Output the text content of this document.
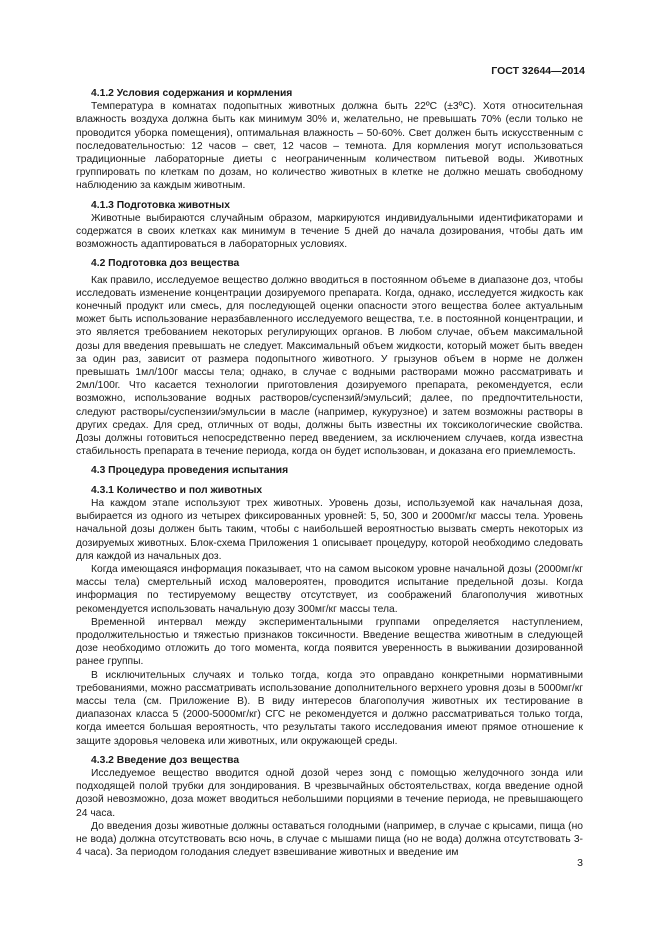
ГОСТ 32644—2014
4.1.2 Условия содержания и кормления

Температура в комнатах подопытных животных должна быть 22ºС (±3ºС). Хотя относительная влажность воздуха должна быть как минимум 30% и, желательно, не превышать 70% (если только не проводится уборка помещения), оптимальная влажность – 50-60%. Свет должен быть искусственным с последовательностью: 12 часов – свет, 12 часов – темнота. Для кормления могут использоваться традиционные лабораторные диеты с неограниченным количеством питьевой воды. Животных группировать по клеткам по дозам, но количество животных в клетке не должно мешать свободному наблюдению за каждым животным.

4.1.3 Подготовка животных

Животные выбираются случайным образом, маркируются индивидуальными идентификаторами и содержатся в своих клетках как минимум в течение 5 дней до начала дозирования, чтобы дать им возможность адаптироваться в лабораторных условиях.

4.2 Подготовка доз вещества

Как правило, исследуемое вещество должно вводиться в постоянном объеме в диапазоне доз, чтобы исследовать изменение концентрации дозируемого препарата. Когда, однако, исследуется жидкость как конечный продукт или смесь, для последующей оценки опасности этого вещества более актуальным может быть использование неразбавленного исследуемого вещества, т.е. в постоянной концентрации, и это является требованием некоторых регулирующих органов. В любом случае, объем максимальной дозы для введения превышать не следует. Максимальный объем жидкости, который может быть введен за один раз, зависит от размера подопытного животного. У грызунов объем в норме не должен превышать 1мл/100г массы тела; однако, в случае с водными растворами можно рассматривать и 2мл/100г. Что касается технологии приготовления дозируемого препарата, рекомендуется, если возможно, использование водных растворов/суспензий/эмульсий; далее, по предпочтительности, следуют растворы/суспензии/эмульсии в масле (например, кукурузное) и затем возможны растворы в других средах. Для сред, отличных от воды, должны быть известны их токсикологические свойства. Дозы должны готовиться непосредственно перед введением, за исключением случаев, когда известна стабильность препарата в течение периода, когда он будет использован, и доказана его приемлемость.

4.3 Процедура проведения испытания
4.3.1 Количество и пол животных

На каждом этапе используют трех животных. Уровень дозы, используемой как начальная доза, выбирается из одного из четырех фиксированных уровней: 5, 50, 300 и 2000мг/кг массы тела. Уровень начальной дозы должен быть таким, чтобы с наибольшей вероятностью вызвать смерть некоторых из дозируемых животных. Блок-схема Приложения 1 описывает процедуру, которой необходимо следовать для каждой из начальных доз.

Когда имеющаяся информация показывает, что на самом высоком уровне начальной дозы (2000мг/кг массы тела) смертельный исход маловероятен, проводится испытание предельной дозы. Когда информация по тестируемому веществу отсутствует, из соображений благополучия животных рекомендуется использовать начальную дозу 300мг/кг массы тела.

Временной интервал между экспериментальными группами определяется наступлением, продолжительностью и тяжестью признаков токсичности. Введение вещества животным в следующей дозе необходимо отложить до того момента, когда появится уверенность в выживании дозированной ранее группы.

В исключительных случаях и только тогда, когда это оправдано конкретными нормативными требованиями, можно рассматривать использование дополнительного верхнего уровня дозы в 5000мг/кг массы тела (см. Приложение В). В виду интересов благополучия животных их тестирование в диапазонах класса 5 (2000-5000мг/кг) СГС не рекомендуется и должно рассматриваться только тогда, когда имеется большая вероятность, что результаты такого исследования имеют прямое отношение к защите здоровья человека или животных, или окружающей среды.

4.3.2 Введение доз вещества

Исследуемое вещество вводится одной дозой через зонд с помощью желудочного зонда или подходящей полой трубки для зондирования. В чрезвычайных обстоятельствах, когда введение одной дозой невозможно, доза может вводиться небольшими порциями в течение периода, не превышающего 24 часа.

До введения дозы животные должны оставаться голодными (например, в случае с крысами, пища (но не вода) должна отсутствовать всю ночь, в случае с мышами пища (но не вода) должна отсутствовать 3-4 часа). За периодом голодания следует взвешивание животных и введение им

3
